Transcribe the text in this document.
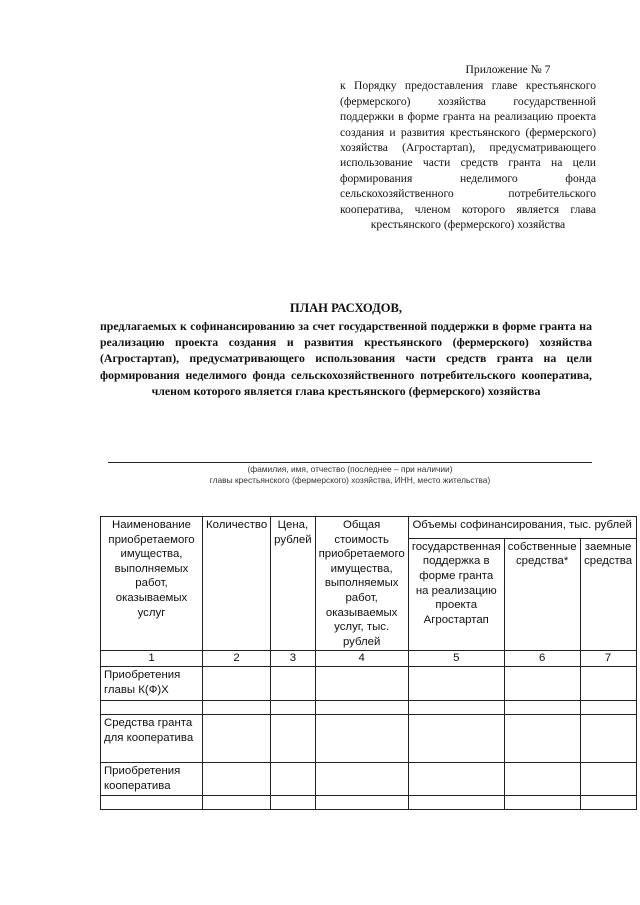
Приложение № 7
к Порядку предоставления главе крестьянского (фермерского) хозяйства государственной поддержки в форме гранта на реализацию проекта создания и развития крестьянского (фермерского) хозяйства (Агростартап), предусматривающего использование части средств гранта на цели формирования неделимого фонда сельскохозяйственного потребительского кооператива, членом которого является глава крестьянского (фермерского) хозяйства
ПЛАН РАСХОДОВ,
предлагаемых к софинансированию за счет государственной поддержки в форме гранта на реализацию проекта создания и развития крестьянского (фермерского) хозяйства (Агростартап), предусматривающего использования части средств гранта на цели формирования неделимого фонда сельскохозяйственного потребительского кооператива, членом которого является глава крестьянского (фермерского) хозяйства
(фамилия, имя, отчество (последнее – при наличии)
главы крестьянского (фермерского) хозяйства, ИНН, место жительства)
Наименование приобретаемого имущества, выполняемых работ, оказываемых услуг	Количество	Цена, рублей	Общая стоимость приобретаемого имущества, выполняемых работ, оказываемых услуг, тыс. рублей	Объемы софинансирования, тыс. рублей		
				государственная поддержка в форме гранта на реализацию проекта Агростартап	собственные средства*	заемные средства
1	2	3	4	5	6	7
Приобретения главы К(Ф)Х						

Средства гранта для кооператива						
Приобретения кооператива						
